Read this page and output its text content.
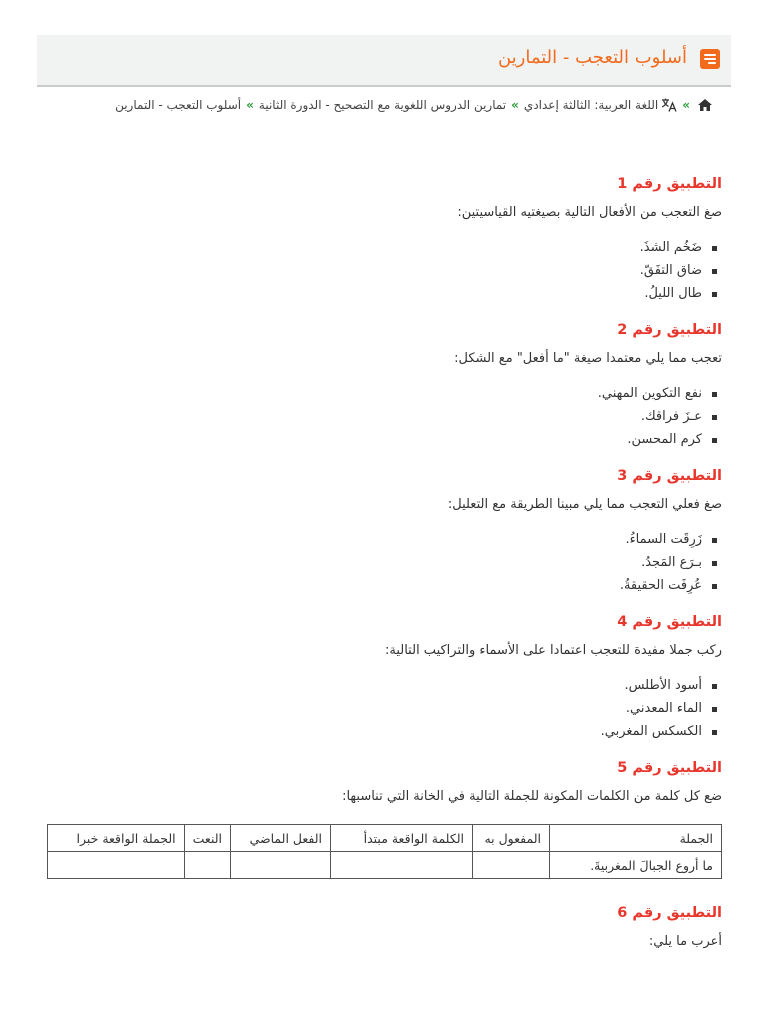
أسلوب التعجب - التمارين
»
اللغة العربية: الثالثة إعدادي
»
تمارين الدروس اللغوية مع التصحيح - الدورة الثانية
»
أسلوب التعجب - التمارين
التطبيق رقم 1

صغ التعجب من الأفعال التالية بصيغتيه القياسيتين:

ضَخُم الشذَ.
ضاق التفَقّ.
طال الليلُ.
التطبيق رقم 2

تعجب مما يلي معتمدا صيغة "ما أفعل" مع الشكل:

نفع التكوين المهني.
عـزَ فراقك.
كرم المحسن.
التطبيق رقم 3

صغ فعلي التعجب مما يلي مبينا الطريقة مع التعليل:

زَرِقَت السماءُ.
بـرَع المَجدُ.
عُرِفَت الحقيقةُ.
التطبيق رقم 4

ركب جملا مفيدة للتعجب اعتمادا على الأسماء والتراكيب التالية:

أسود الأطلس.
الماء المعدني.
الكسكس المغربي.
التطبيق رقم 5

ضع كل كلمة من الكلمات المكونة للجملة التالية في الخانة التي تناسبها:

الجملة	المفعول به	الكلمة الواقعة مبتدأ	الفعل الماضي	النعت	الجملة الواقعة خبرا
ما أروع الجبالَ المغربيةَ.					
التطبيق رقم 6

أعرب ما يلي:
